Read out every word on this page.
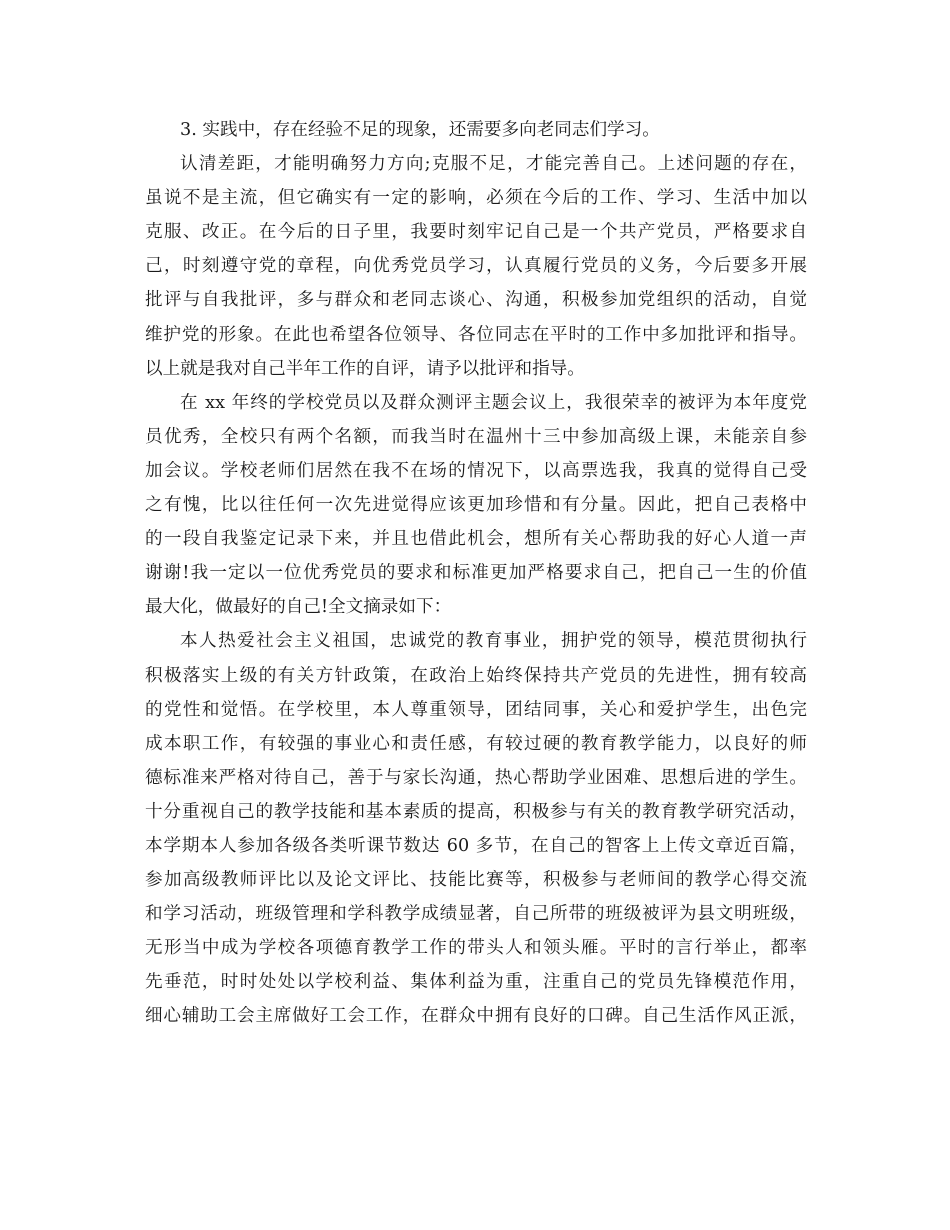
3. 实践中，存在经验不足的现象，还需要多向老同志们学习。
认清差距，才能明确努力方向;克服不足，才能完善自己。上述问题的存在，
虽说不是主流，但它确实有一定的影响，必须在今后的工作、学习、生活中加以
克服、改正。在今后的日子里，我要时刻牢记自己是一个共产党员，严格要求自
己，时刻遵守党的章程，向优秀党员学习，认真履行党员的义务，今后要多开展
批评与自我批评，多与群众和老同志谈心、沟通，积极参加党组织的活动，自觉
维护党的形象。在此也希望各位领导、各位同志在平时的工作中多加批评和指导。
以上就是我对自己半年工作的自评，请予以批评和指导。
在 xx 年终的学校党员以及群众测评主题会议上，我很荣幸的被评为本年度党
员优秀，全校只有两个名额，而我当时在温州十三中参加高级上课，未能亲自参
加会议。学校老师们居然在我不在场的情况下，以高票选我，我真的觉得自己受
之有愧，比以往任何一次先进觉得应该更加珍惜和有分量。因此，把自己表格中
的一段自我鉴定记录下来，并且也借此机会，想所有关心帮助我的好心人道一声
谢谢!我一定以一位优秀党员的要求和标准更加严格要求自己，把自己一生的价值
最大化，做最好的自己!全文摘录如下：
本人热爱社会主义祖国，忠诚党的教育事业，拥护党的领导，模范贯彻执行
积极落实上级的有关方针政策，在政治上始终保持共产党员的先进性，拥有较高
的党性和觉悟。在学校里，本人尊重领导，团结同事，关心和爱护学生，出色完
成本职工作，有较强的事业心和责任感，有较过硬的教育教学能力，以良好的师
德标准来严格对待自己，善于与家长沟通，热心帮助学业困难、思想后进的学生。
十分重视自己的教学技能和基本素质的提高，积极参与有关的教育教学研究活动，
本学期本人参加各级各类听课节数达 60 多节，在自己的智客上上传文章近百篇，
参加高级教师评比以及论文评比、技能比赛等，积极参与老师间的教学心得交流
和学习活动，班级管理和学科教学成绩显著，自己所带的班级被评为县文明班级，
无形当中成为学校各项德育教学工作的带头人和领头雁。平时的言行举止，都率
先垂范，时时处处以学校利益、集体利益为重，注重自己的党员先锋模范作用，
细心辅助工会主席做好工会工作，在群众中拥有良好的口碑。自己生活作风正派，
